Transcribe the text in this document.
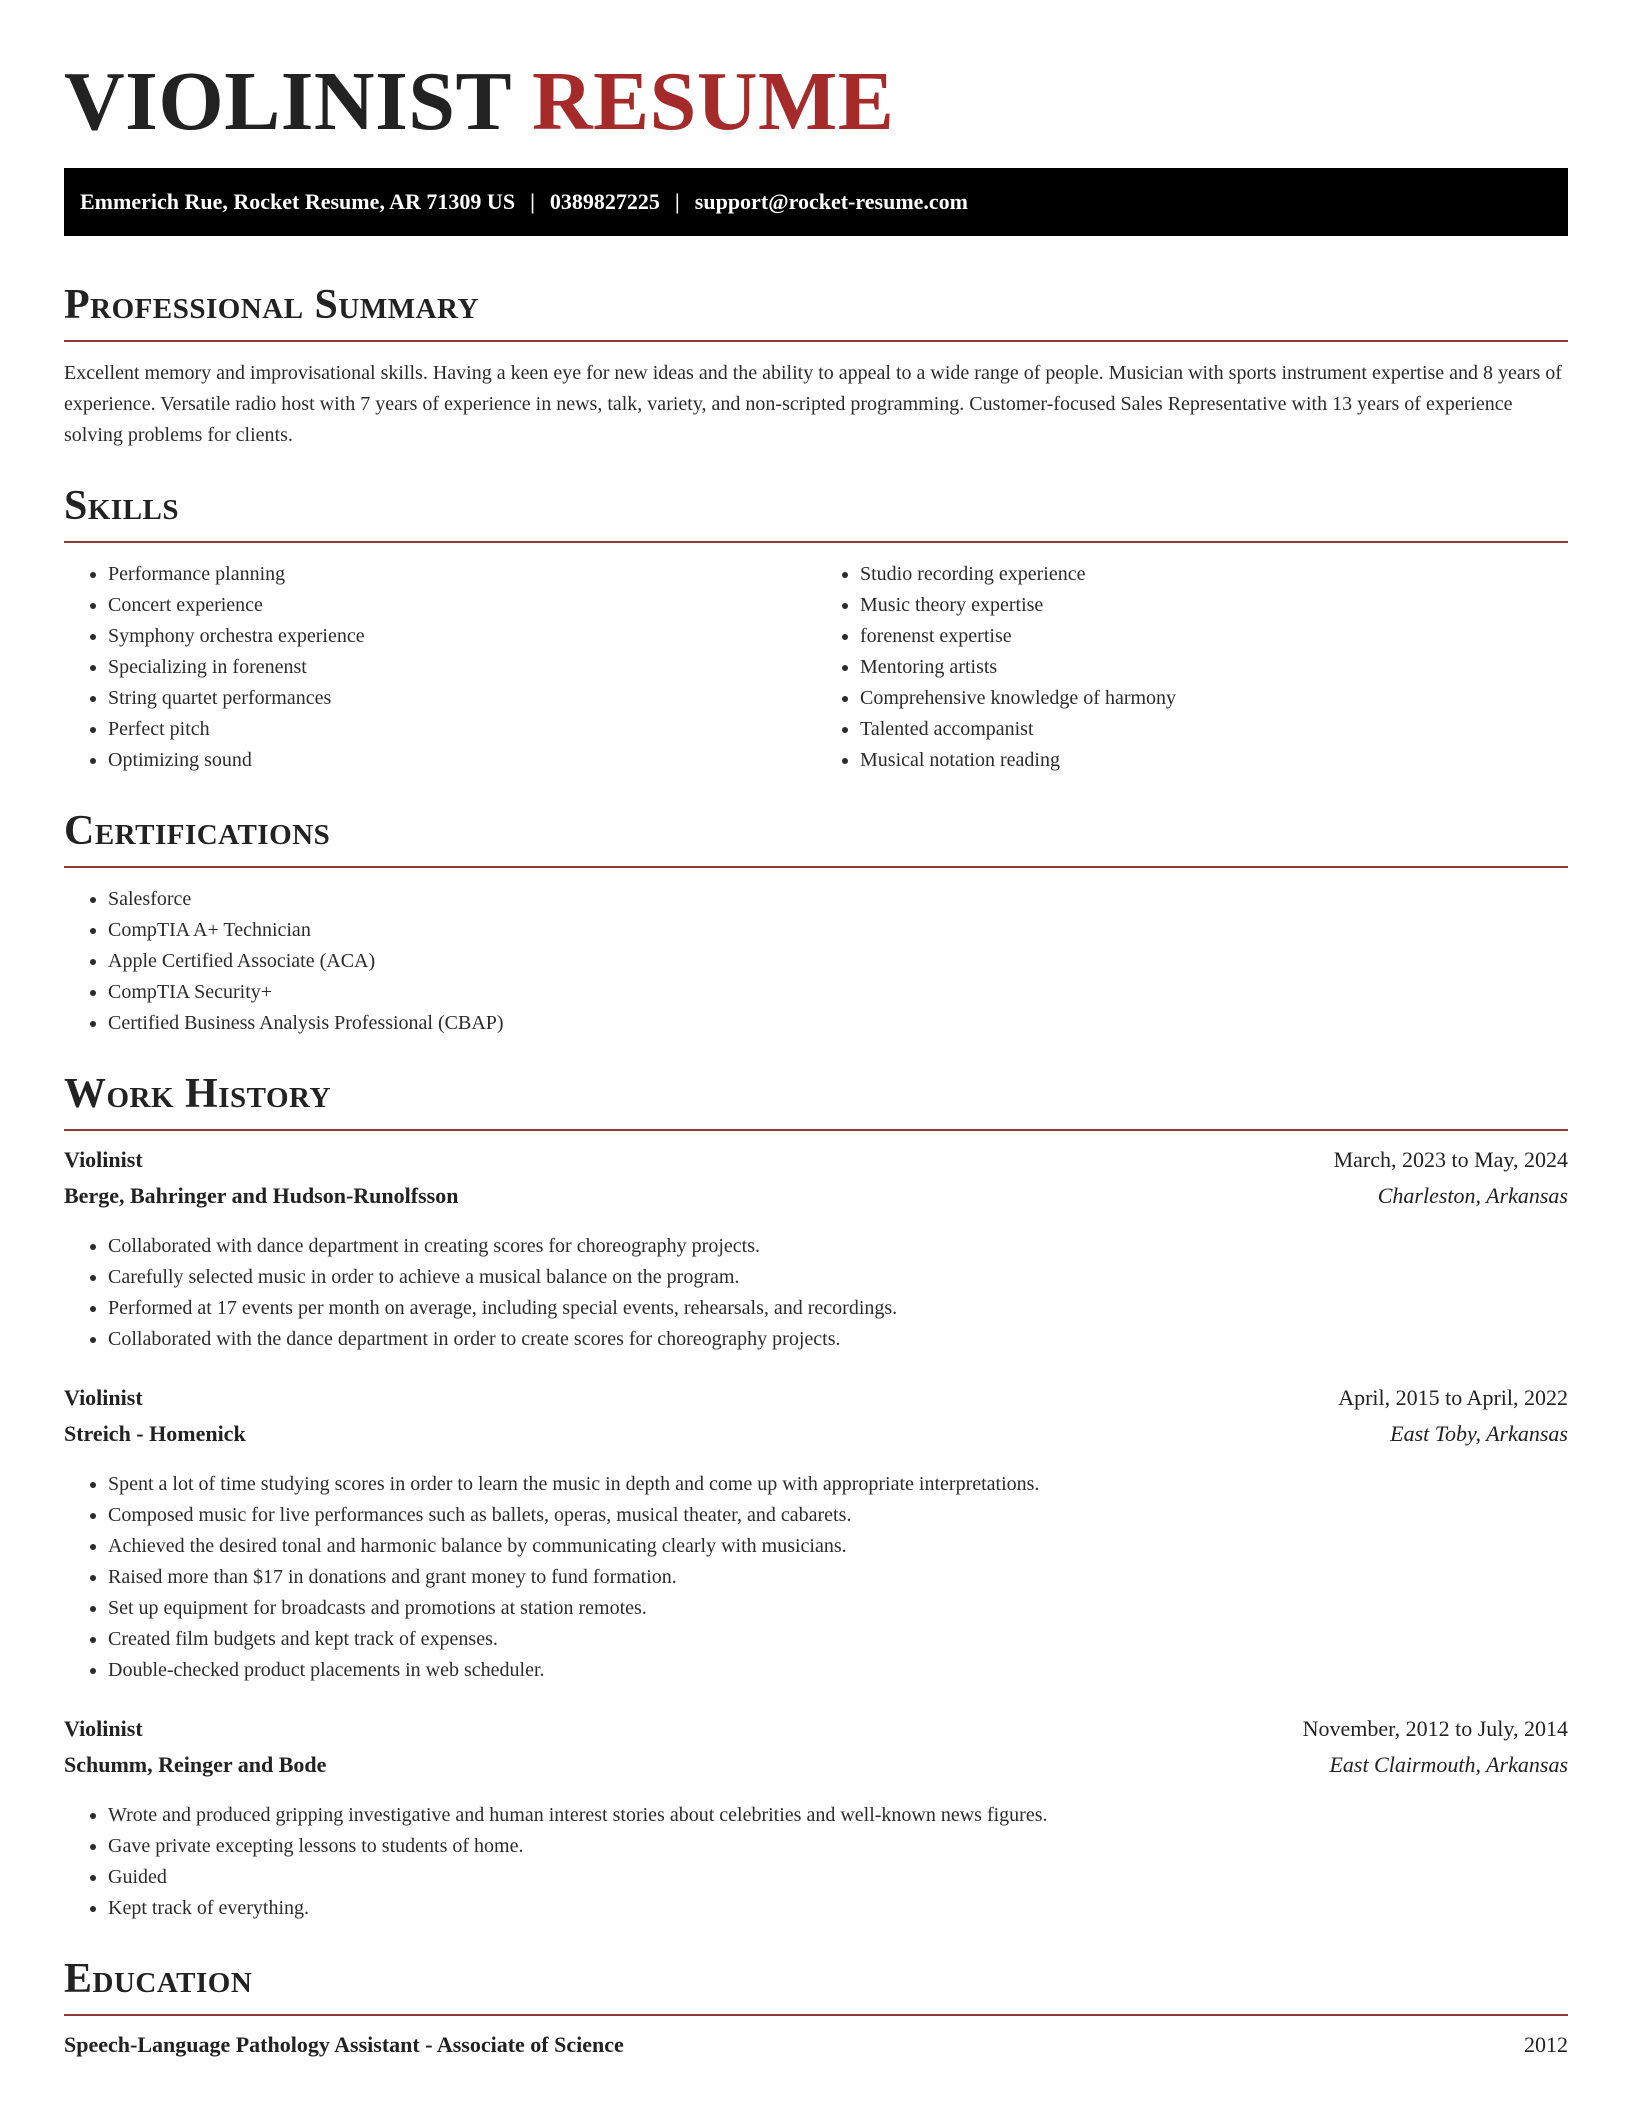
VIOLINIST RESUME
Emmerich Rue, Rocket Resume, AR 71309 US | 0389827225 | support@rocket-resume.com
Professional Summary

Excellent memory and improvisational skills. Having a keen eye for new ideas and the ability to appeal to a wide range of people. Musician with sports instrument expertise and 8 years of experience. Versatile radio host with 7 years of experience in news, talk, variety, and non-scripted programming. Customer-focused Sales Representative with 13 years of experience solving problems for clients.

Skills
• Performance planning
• Concert experience
• Symphony orchestra experience
• Specializing in forenenst
• String quartet performances
• Perfect pitch
• Optimizing sound
• Studio recording experience
• Music theory expertise
• forenenst expertise
• Mentoring artists
• Comprehensive knowledge of harmony
• Talented accompanist
• Musical notation reading
Certifications
• Salesforce
• CompTIA A+ Technician
• Apple Certified Associate (ACA)
• CompTIA Security+
• Certified Business Analysis Professional (CBAP)
Work History
Violinist	March, 2023 to May, 2024
Berge, Bahringer and Hudson-Runolfsson	Charleston, Arkansas
• Collaborated with dance department in creating scores for choreography projects.
• Carefully selected music in order to achieve a musical balance on the program.
• Performed at 17 events per month on average, including special events, rehearsals, and recordings.
• Collaborated with the dance department in order to create scores for choreography projects.
Violinist	April, 2015 to April, 2022
Streich - Homenick	East Toby, Arkansas
• Spent a lot of time studying scores in order to learn the music in depth and come up with appropriate interpretations.
• Composed music for live performances such as ballets, operas, musical theater, and cabarets.
• Achieved the desired tonal and harmonic balance by communicating clearly with musicians.
• Raised more than $17 in donations and grant money to fund formation.
• Set up equipment for broadcasts and promotions at station remotes.
• Created film budgets and kept track of expenses.
• Double-checked product placements in web scheduler.
Violinist	November, 2012 to July, 2014
Schumm, Reinger and Bode	East Clairmouth, Arkansas
• Wrote and produced gripping investigative and human interest stories about celebrities and well-known news figures.
• Gave private excepting lessons to students of home.
• Guided
• Kept track of everything.
Education
Speech-Language Pathology Assistant - Associate of Science	2012
